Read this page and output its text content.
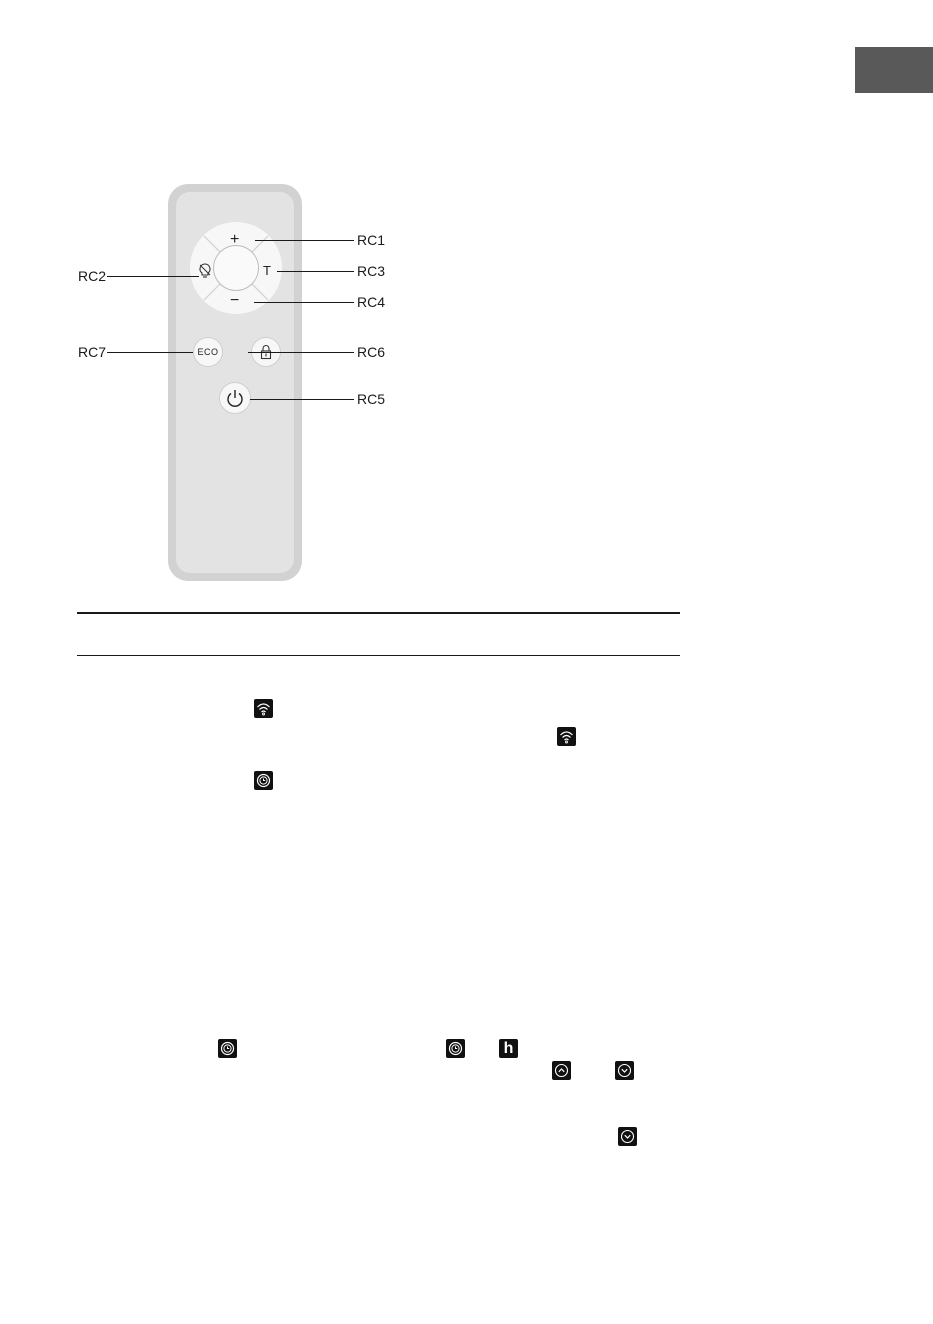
+
−
T
ECO
RC1
RC3
RC4
RC6
RC5
RC2
RC7
h
